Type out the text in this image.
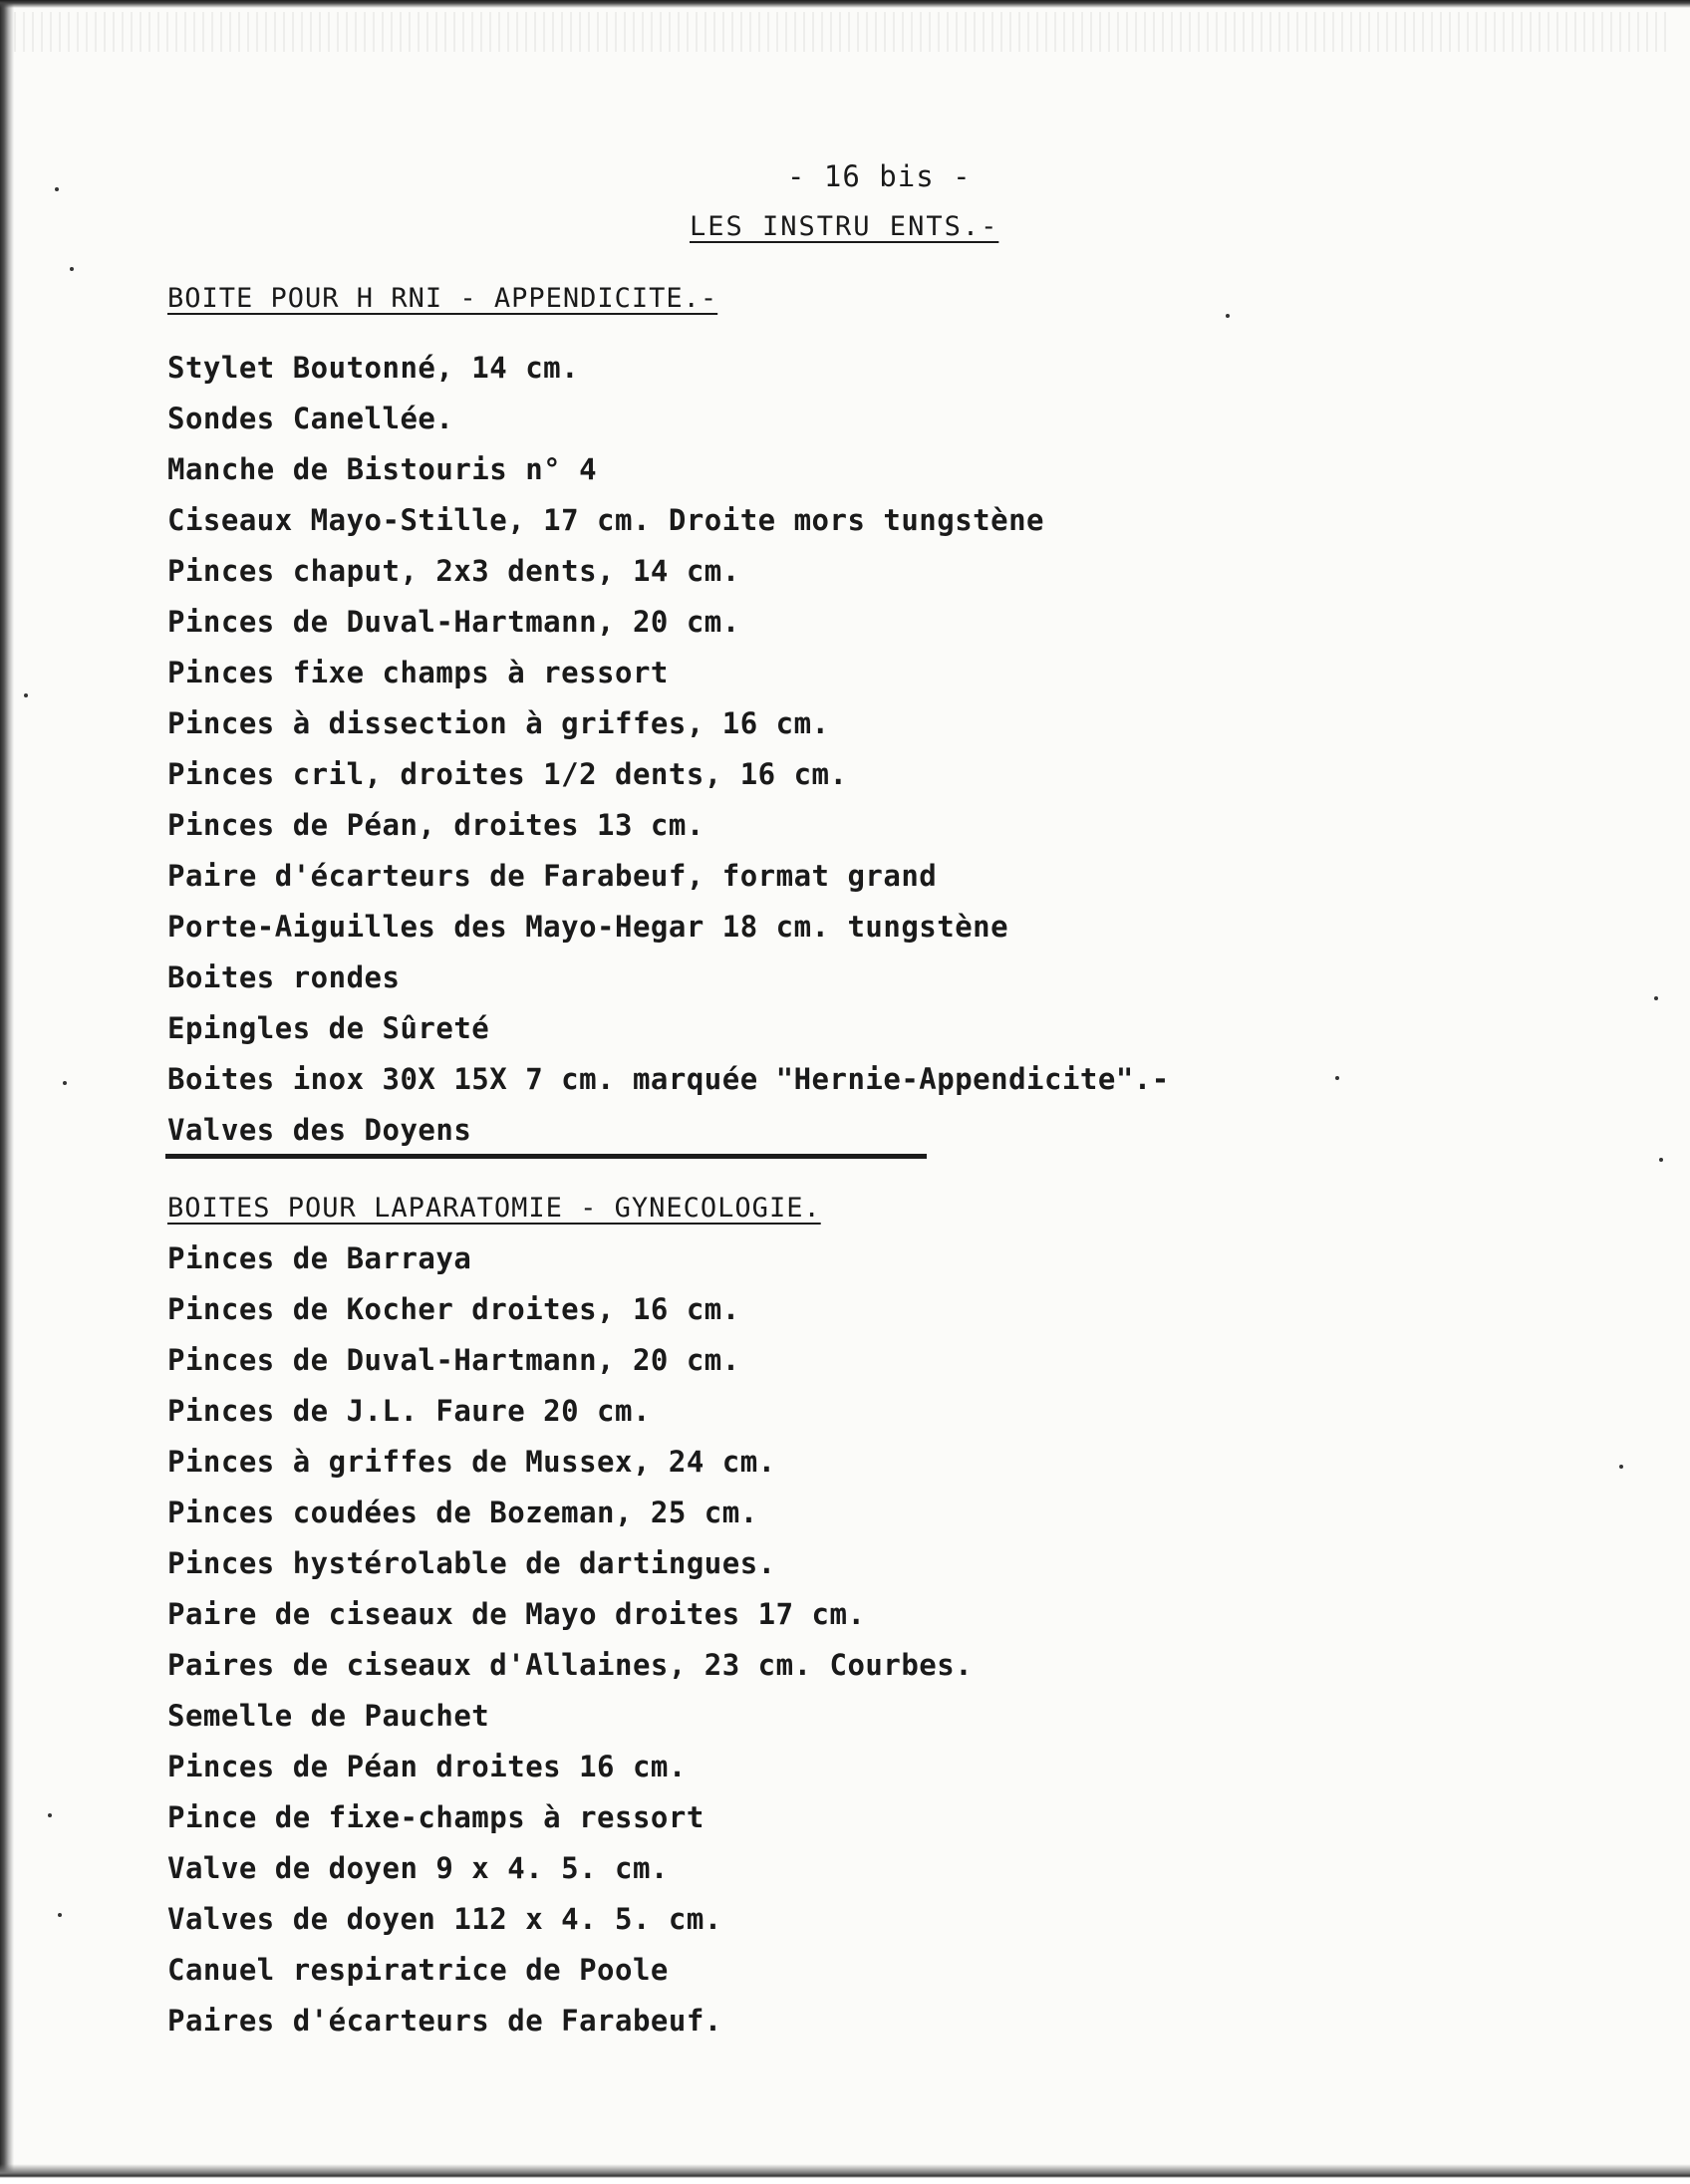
- 16 bis -
LES INSTRU ENTS.-
BOITE POUR H RNI - APPENDICITE.-
Stylet Boutonné, 14 cm.
Sondes Canellée.
Manche de Bistouris n° 4
Ciseaux Mayo-Stille, 17 cm. Droite mors tungstène
Pinces chaput, 2x3 dents, 14 cm.
Pinces de Duval-Hartmann, 20 cm.
Pinces fixe champs à ressort
Pinces à dissection à griffes, 16 cm.
Pinces cril, droites 1/2 dents, 16 cm.
Pinces de Péan, droites 13 cm.
Paire d'écarteurs de Farabeuf, format grand
Porte-Aiguilles des Mayo-Hegar 18 cm. tungstène
Boites rondes
Epingles de Sûreté
Boites inox 30X 15X 7 cm. marquée "Hernie-Appendicite".-
Valves des Doyens
BOITES POUR LAPARATOMIE - GYNECOLOGIE.
Pinces de Barraya
Pinces de Kocher droites, 16 cm.
Pinces de Duval-Hartmann, 20 cm.
Pinces de J.L. Faure 20 cm.
Pinces à griffes de Mussex, 24 cm.
Pinces coudées de Bozeman, 25 cm.
Pinces hystérolable de dartingues.
Paire de ciseaux de Mayo droites 17 cm.
Paires de ciseaux d'Allaines, 23 cm. Courbes.
Semelle de Pauchet
Pinces de Péan droites 16 cm.
Pince de fixe-champs à ressort
Valve de doyen 9 x 4. 5. cm.
Valves de doyen 112 x 4. 5. cm.
Canuel respiratrice de Poole
Paires d'écarteurs de Farabeuf.
